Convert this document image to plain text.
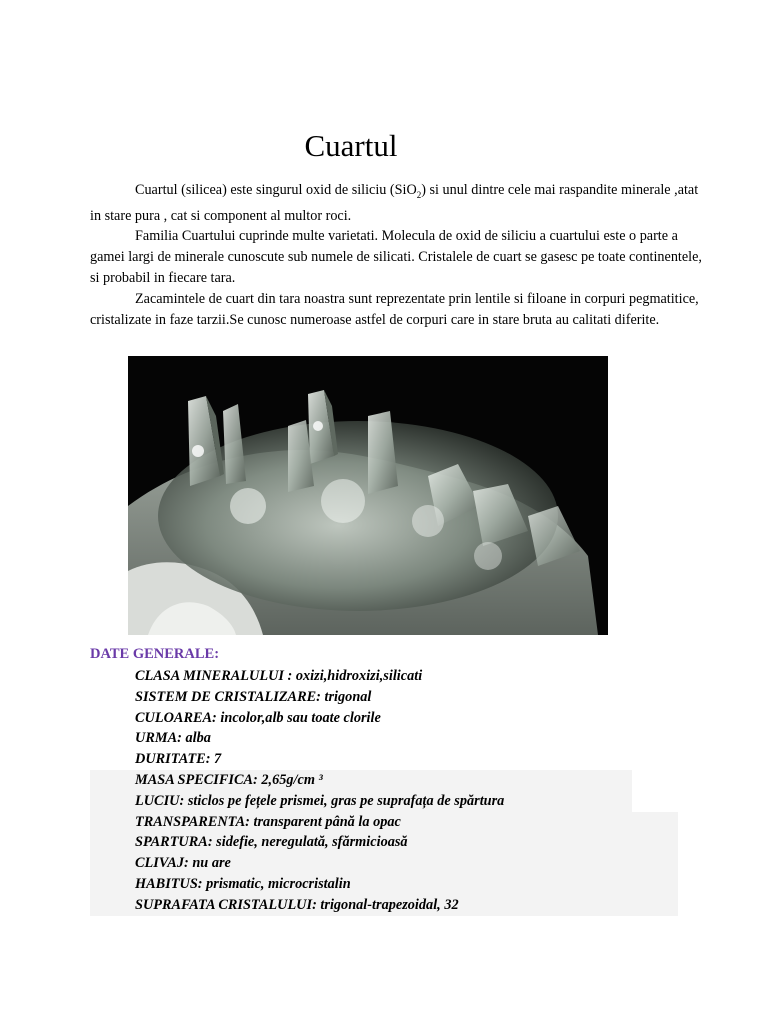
Cuartul

Cuartul (silicea) este singurul oxid de siliciu (SiO$_2$) si unul dintre cele mai raspandite minerale ,atat in stare pura , cat si component al multor roci.

Familia Cuartului cuprinde multe varietati. Molecula de oxid de siliciu a cuartului este o parte a gamei largi de minerale cunoscute sub numele de silicati. Cristalele de cuart se gasesc pe toate continentele, si probabil in fiecare tara.

Zacamintele de cuart din tara noastra sunt reprezentate prin lentile si filoane in corpuri pegmatitice, cristalizate in faze tarzii.Se cunosc numeroase astfel de corpuri care in stare bruta au calitati diferite.

DATE GENERALE:
CLASA MINERALULUI : oxizi,hidroxizi,silicati
SISTEM DE CRISTALIZARE: trigonal
CULOAREA: incolor,alb sau toate clorile
URMA: alba
DURITATE: 7
MASA SPECIFICA: 2,65g/cm ³
LUCIU: sticlos pe fețele prismei, gras pe suprafața de spărtura
TRANSPARENTA: transparent până la opac
SPARTURA: sidefie, neregulată, sfărmicioasă
CLIVAJ: nu are
HABITUS: prismatic, microcristalin
SUPRAFATA CRISTALULUI: trigonal-trapezoidal, 32
